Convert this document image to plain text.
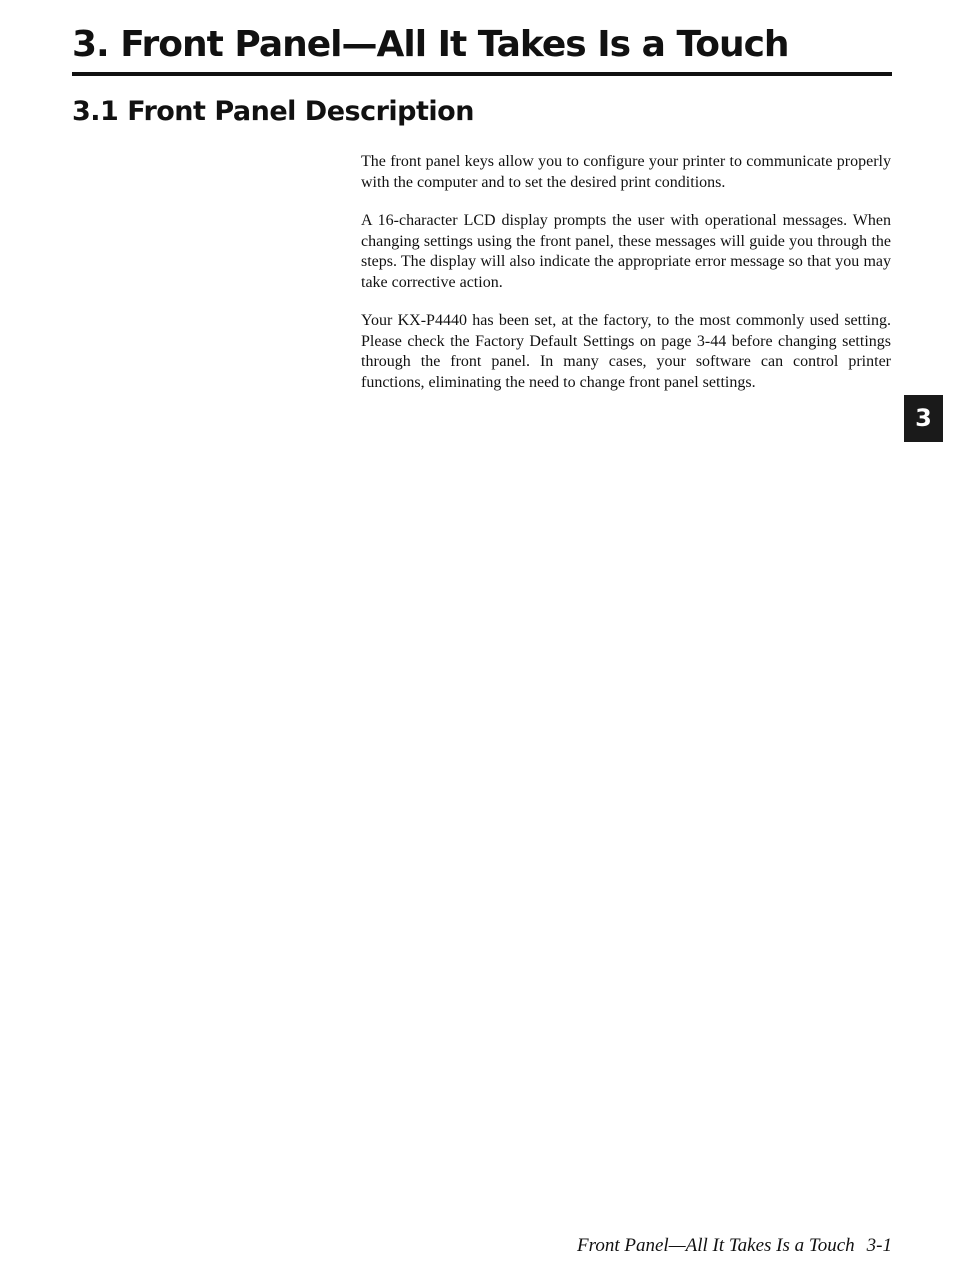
3. Front Panel—All It Takes Is a Touch
3.1 Front Panel Description

The front panel keys allow you to configure your printer to communicate properly with the computer and to set the desired print conditions.

A 16-character LCD display prompts the user with operational messages. When changing settings using the front panel, these messages will guide you through the steps. The display will also indicate the appropriate error message so that you may take corrective action.

Your KX-P4440 has been set, at the factory, to the most commonly used setting. Please check the Factory Default Settings on page 3-44 before changing settings through the front panel. In many cases, your software can control printer functions, eliminating the need to change front panel settings.

3
Front Panel—All It Takes Is a Touch 3-1
